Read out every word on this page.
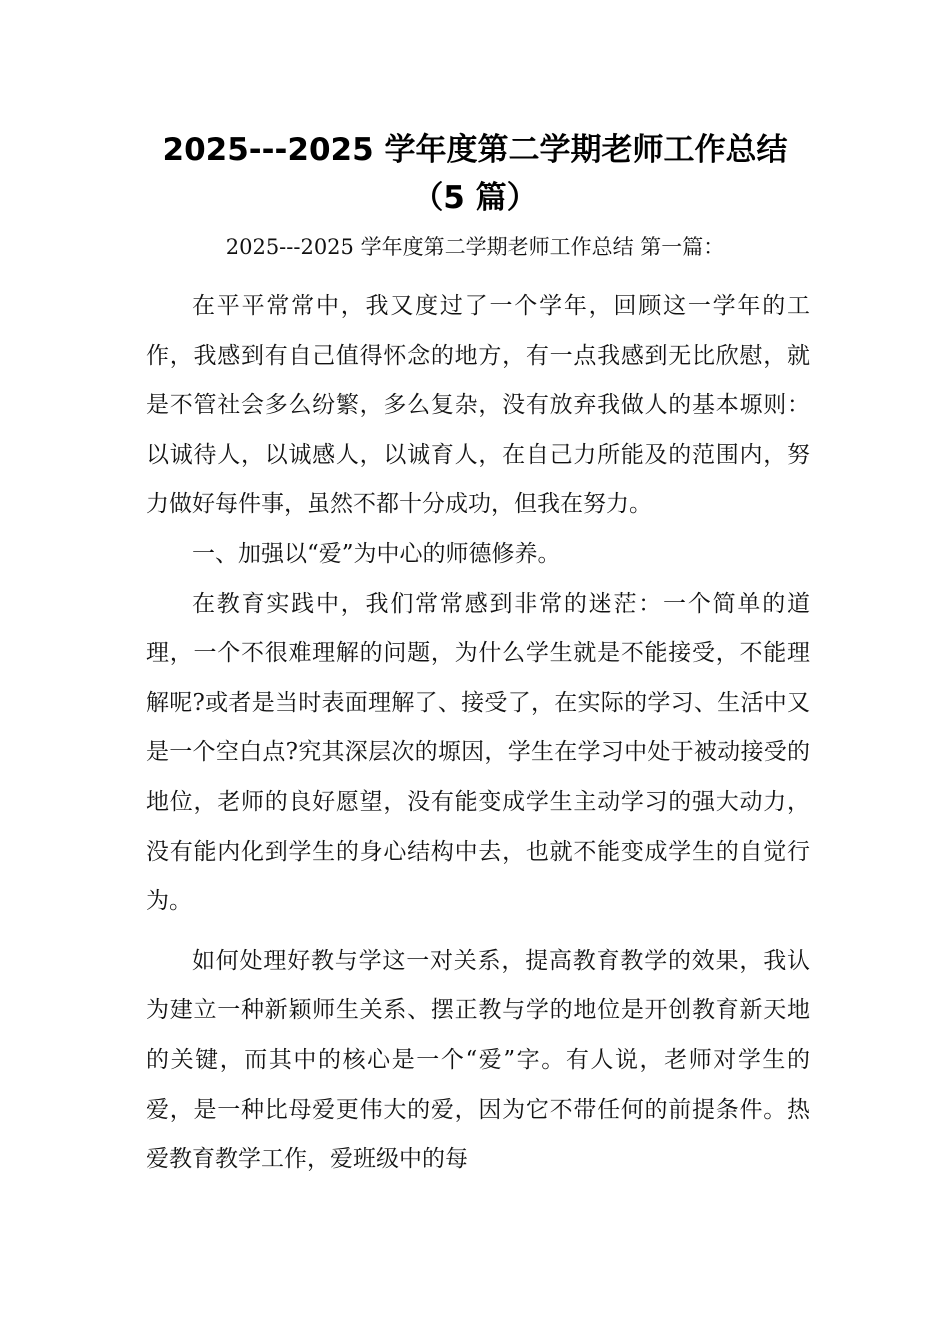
2025---2025 学年度第二学期老师工作总结
（5 篇）
2025---2025 学年度第二学期老师工作总结 第一篇：

在平平常常中，我又度过了一个学年，回顾这一学年的工作，我感到有自己值得怀念的地方，有一点我感到无比欣慰，就是不管社会多么纷繁，多么复杂，没有放弃我做人的基本塬则：以诚待人，以诚感人，以诚育人，在自己力所能及的范围内，努力做好每件事，虽然不都十分成功，但我在努力。

一、加强以“爱”为中心的师德修养。

在教育实践中，我们常常感到非常的迷茫：一个简单的道理，一个不很难理解的问题，为什么学生就是不能接受，不能理解呢?或者是当时表面理解了、接受了，在实际的学习、生活中又是一个空白点?究其深层次的塬因，学生在学习中处于被动接受的地位，老师的良好愿望，没有能变成学生主动学习的强大动力，没有能内化到学生的身心结构中去，也就不能变成学生的自觉行为。

如何处理好教与学这一对关系，提高教育教学的效果，我认为建立一种新颖师生关系、摆正教与学的地位是开创教育新天地的关键，而其中的核心是一个“爱”字。有人说，老师对学生的爱，是一种比母爱更伟大的爱，因为它不带任何的前提条件。热爱教育教学工作，爱班级中的每
